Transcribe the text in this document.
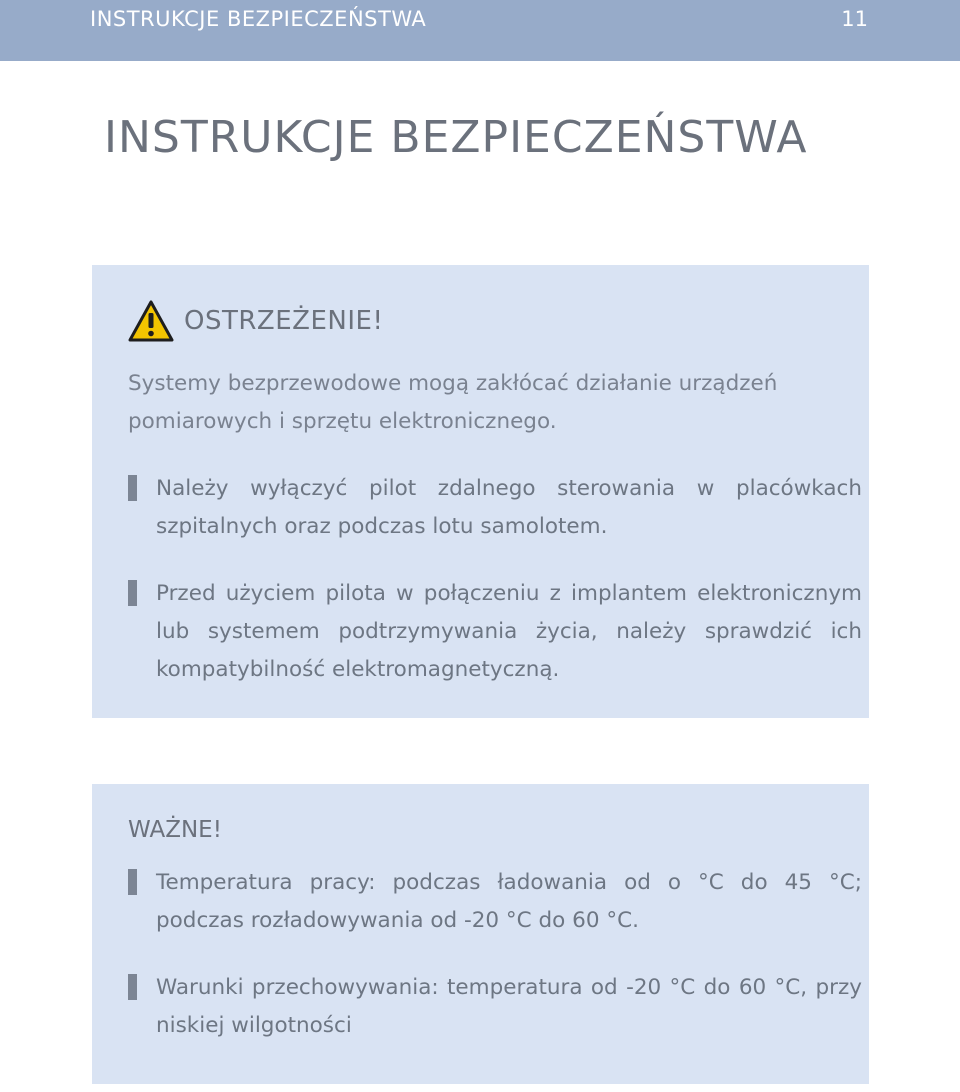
INSTRUKCJE BEZPIECZEŃSTWA	11
INSTRUKCJE BEZPIECZEŃSTWA
OSTRZEŻENIE!

Systemy bezprzewodowe mogą zakłócać działanie urządzeń pomiarowych i sprzętu elektronicznego.

Należy wyłączyć pilot zdalnego sterowania w placówkach szpitalnych oraz podczas lotu samolotem.

Przed użyciem pilota w połączeniu z implantem elektronicznym lub systemem podtrzymywania życia, należy sprawdzić ich kompatybilność elektromagnetyczną.

WAŻNE!

Temperatura pracy: podczas ładowania od o °C do 45 °C; podczas rozładowywania od -20 °C do 60 °C.

Warunki przechowywania: temperatura od -20 °C do 60 °C, przy niskiej wilgotności
